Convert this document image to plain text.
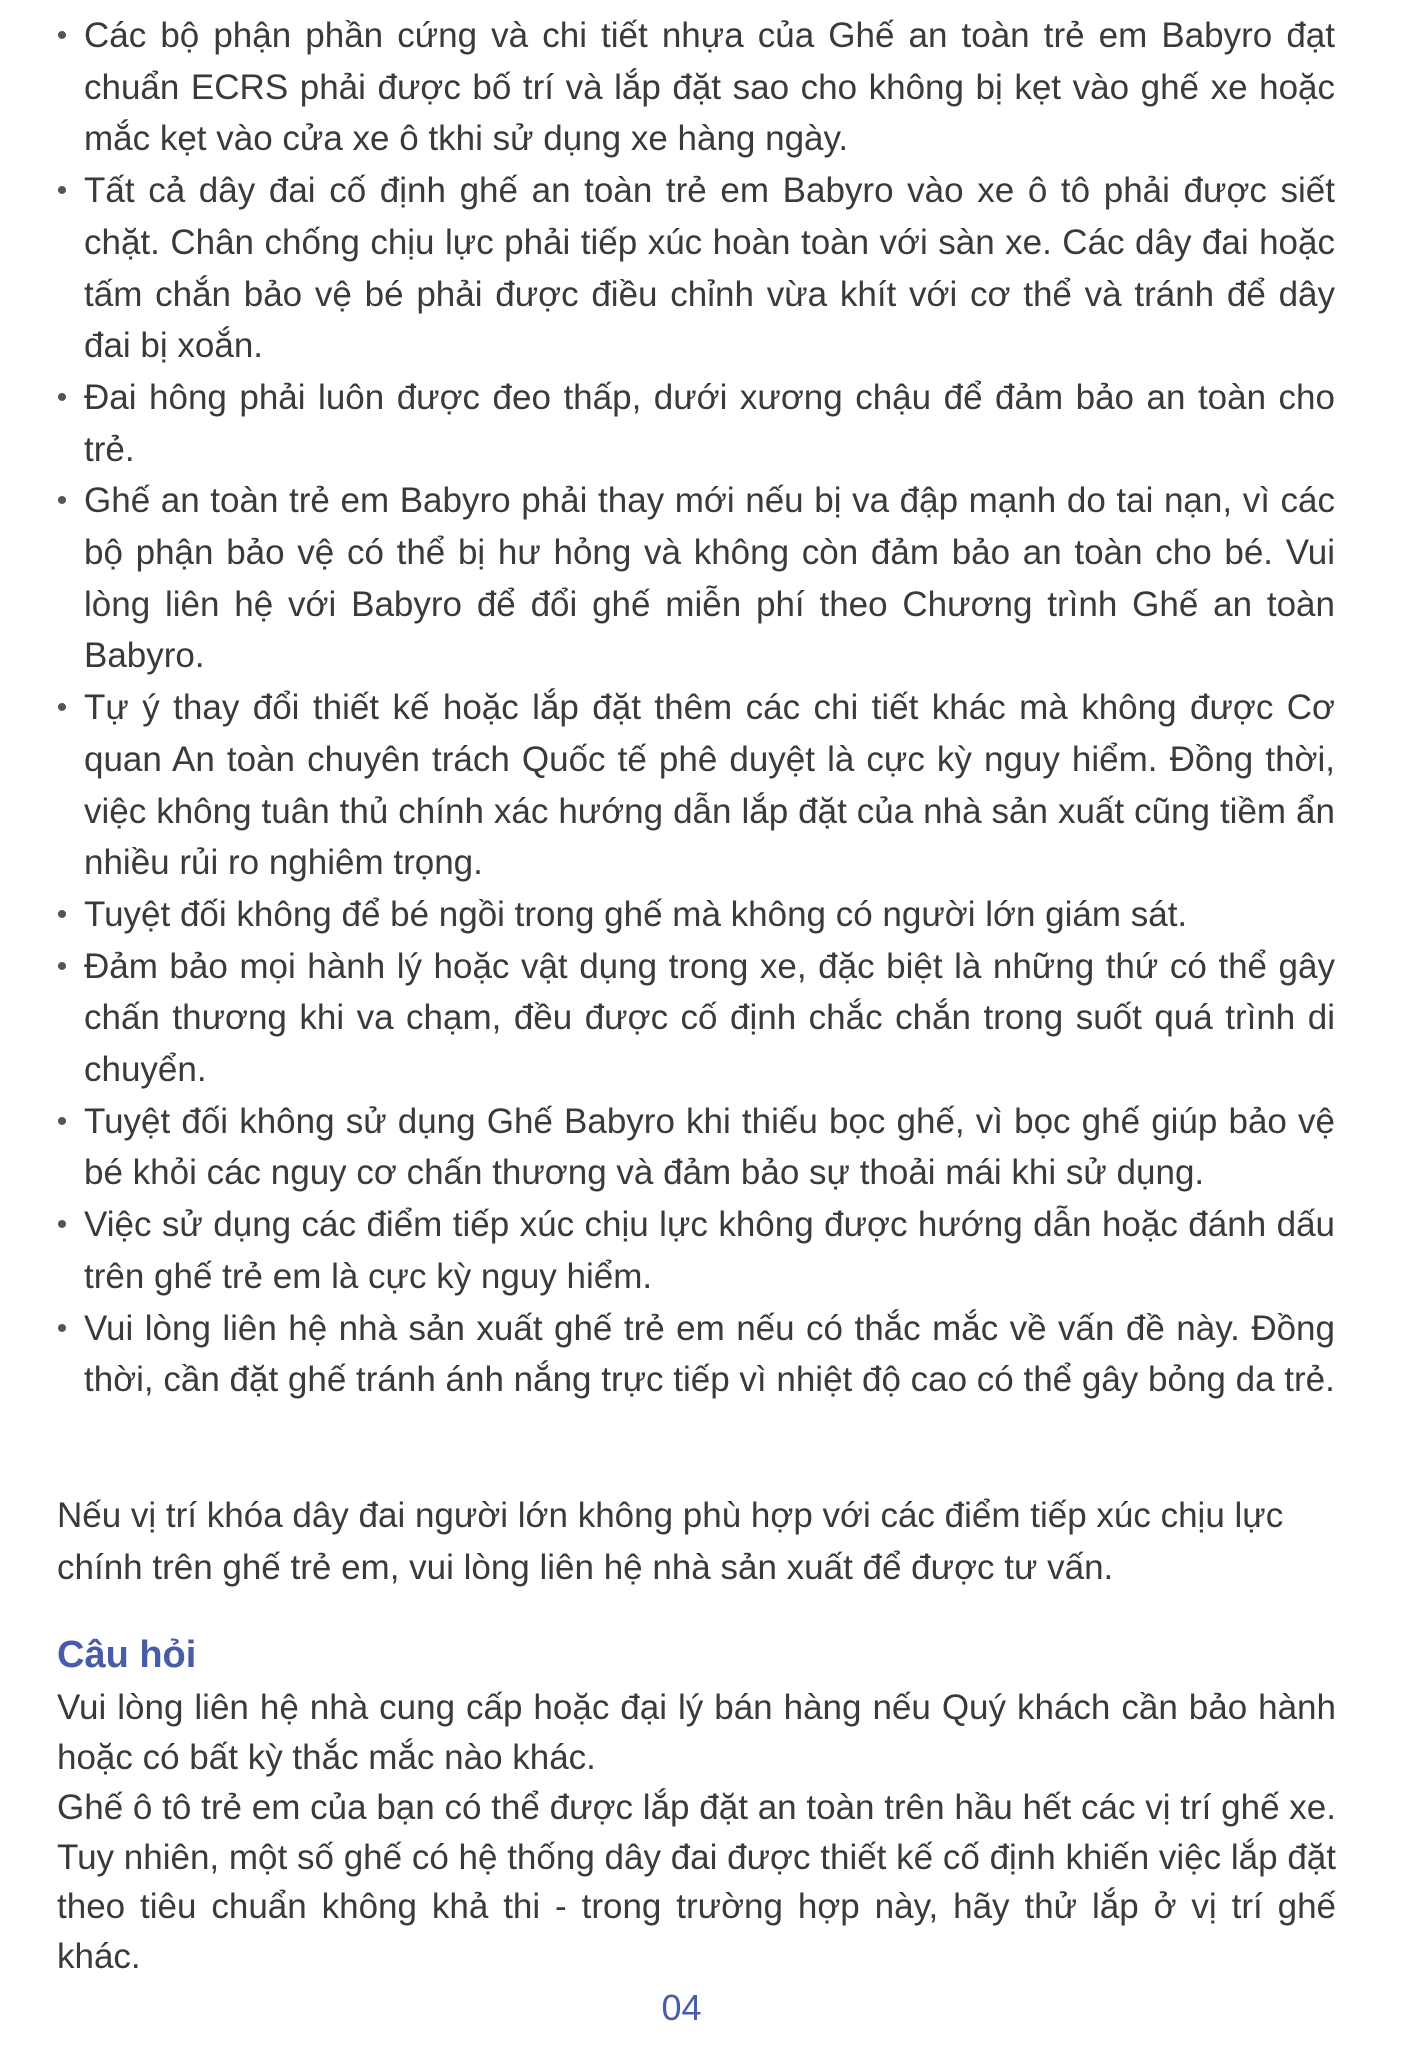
• Các bộ phận phần cứng và chi tiết nhựa của Ghế an toàn trẻ em Babyro đạt chuẩn ECRS phải được bố trí và lắp đặt sao cho không bị kẹt vào ghế xe hoặc mắc kẹt vào cửa xe ô tkhi sử dụng xe hàng ngày.
• Tất cả dây đai cố định ghế an toàn trẻ em Babyro vào xe ô tô phải được siết chặt. Chân chống chịu lực phải tiếp xúc hoàn toàn với sàn xe. Các dây đai hoặc tấm chắn bảo vệ bé phải được điều chỉnh vừa khít với cơ thể và tránh để dây đai bị xoắn.
• Đai hông phải luôn được đeo thấp, dưới xương chậu để đảm bảo an toàn cho trẻ.
• Ghế an toàn trẻ em Babyro phải thay mới nếu bị va đập mạnh do tai nạn, vì các bộ phận bảo vệ có thể bị hư hỏng và không còn đảm bảo an toàn cho bé. Vui lòng liên hệ với Babyro để đổi ghế miễn phí theo Chương trình Ghế an toàn Babyro.
• Tự ý thay đổi thiết kế hoặc lắp đặt thêm các chi tiết khác mà không được Cơ quan An toàn chuyên trách Quốc tế phê duyệt là cực kỳ nguy hiểm. Đồng thời, việc không tuân thủ chính xác hướng dẫn lắp đặt của nhà sản xuất cũng tiềm ẩn nhiều rủi ro nghiêm trọng.
• Tuyệt đối không để bé ngồi trong ghế mà không có người lớn giám sát.
• Đảm bảo mọi hành lý hoặc vật dụng trong xe, đặc biệt là những thứ có thể gây chấn thương khi va chạm, đều được cố định chắc chắn trong suốt quá trình di chuyển.
• Tuyệt đối không sử dụng Ghế Babyro khi thiếu bọc ghế, vì bọc ghế giúp bảo vệ bé khỏi các nguy cơ chấn thương và đảm bảo sự thoải mái khi sử dụng.
• Việc sử dụng các điểm tiếp xúc chịu lực không được hướng dẫn hoặc đánh dấu trên ghế trẻ em là cực kỳ nguy hiểm.
• Vui lòng liên hệ nhà sản xuất ghế trẻ em nếu có thắc mắc về vấn đề này. Đồng thời, cần đặt ghế tránh ánh nắng trực tiếp vì nhiệt độ cao có thể gây bỏng da trẻ.

Nếu vị trí khóa dây đai người lớn không phù hợp với các điểm tiếp xúc chịu lực chính trên ghế trẻ em, vui lòng liên hệ nhà sản xuất để được tư vấn.

Câu hỏi

Vui lòng liên hệ nhà cung cấp hoặc đại lý bán hàng nếu Quý khách cần bảo hành hoặc có bất kỳ thắc mắc nào khác.

Ghế ô tô trẻ em của bạn có thể được lắp đặt an toàn trên hầu hết các vị trí ghế xe. Tuy nhiên, một số ghế có hệ thống dây đai được thiết kế cố định khiến việc lắp đặt theo tiêu chuẩn không khả thi - trong trường hợp này, hãy thử lắp ở vị trí ghế khác.

04
